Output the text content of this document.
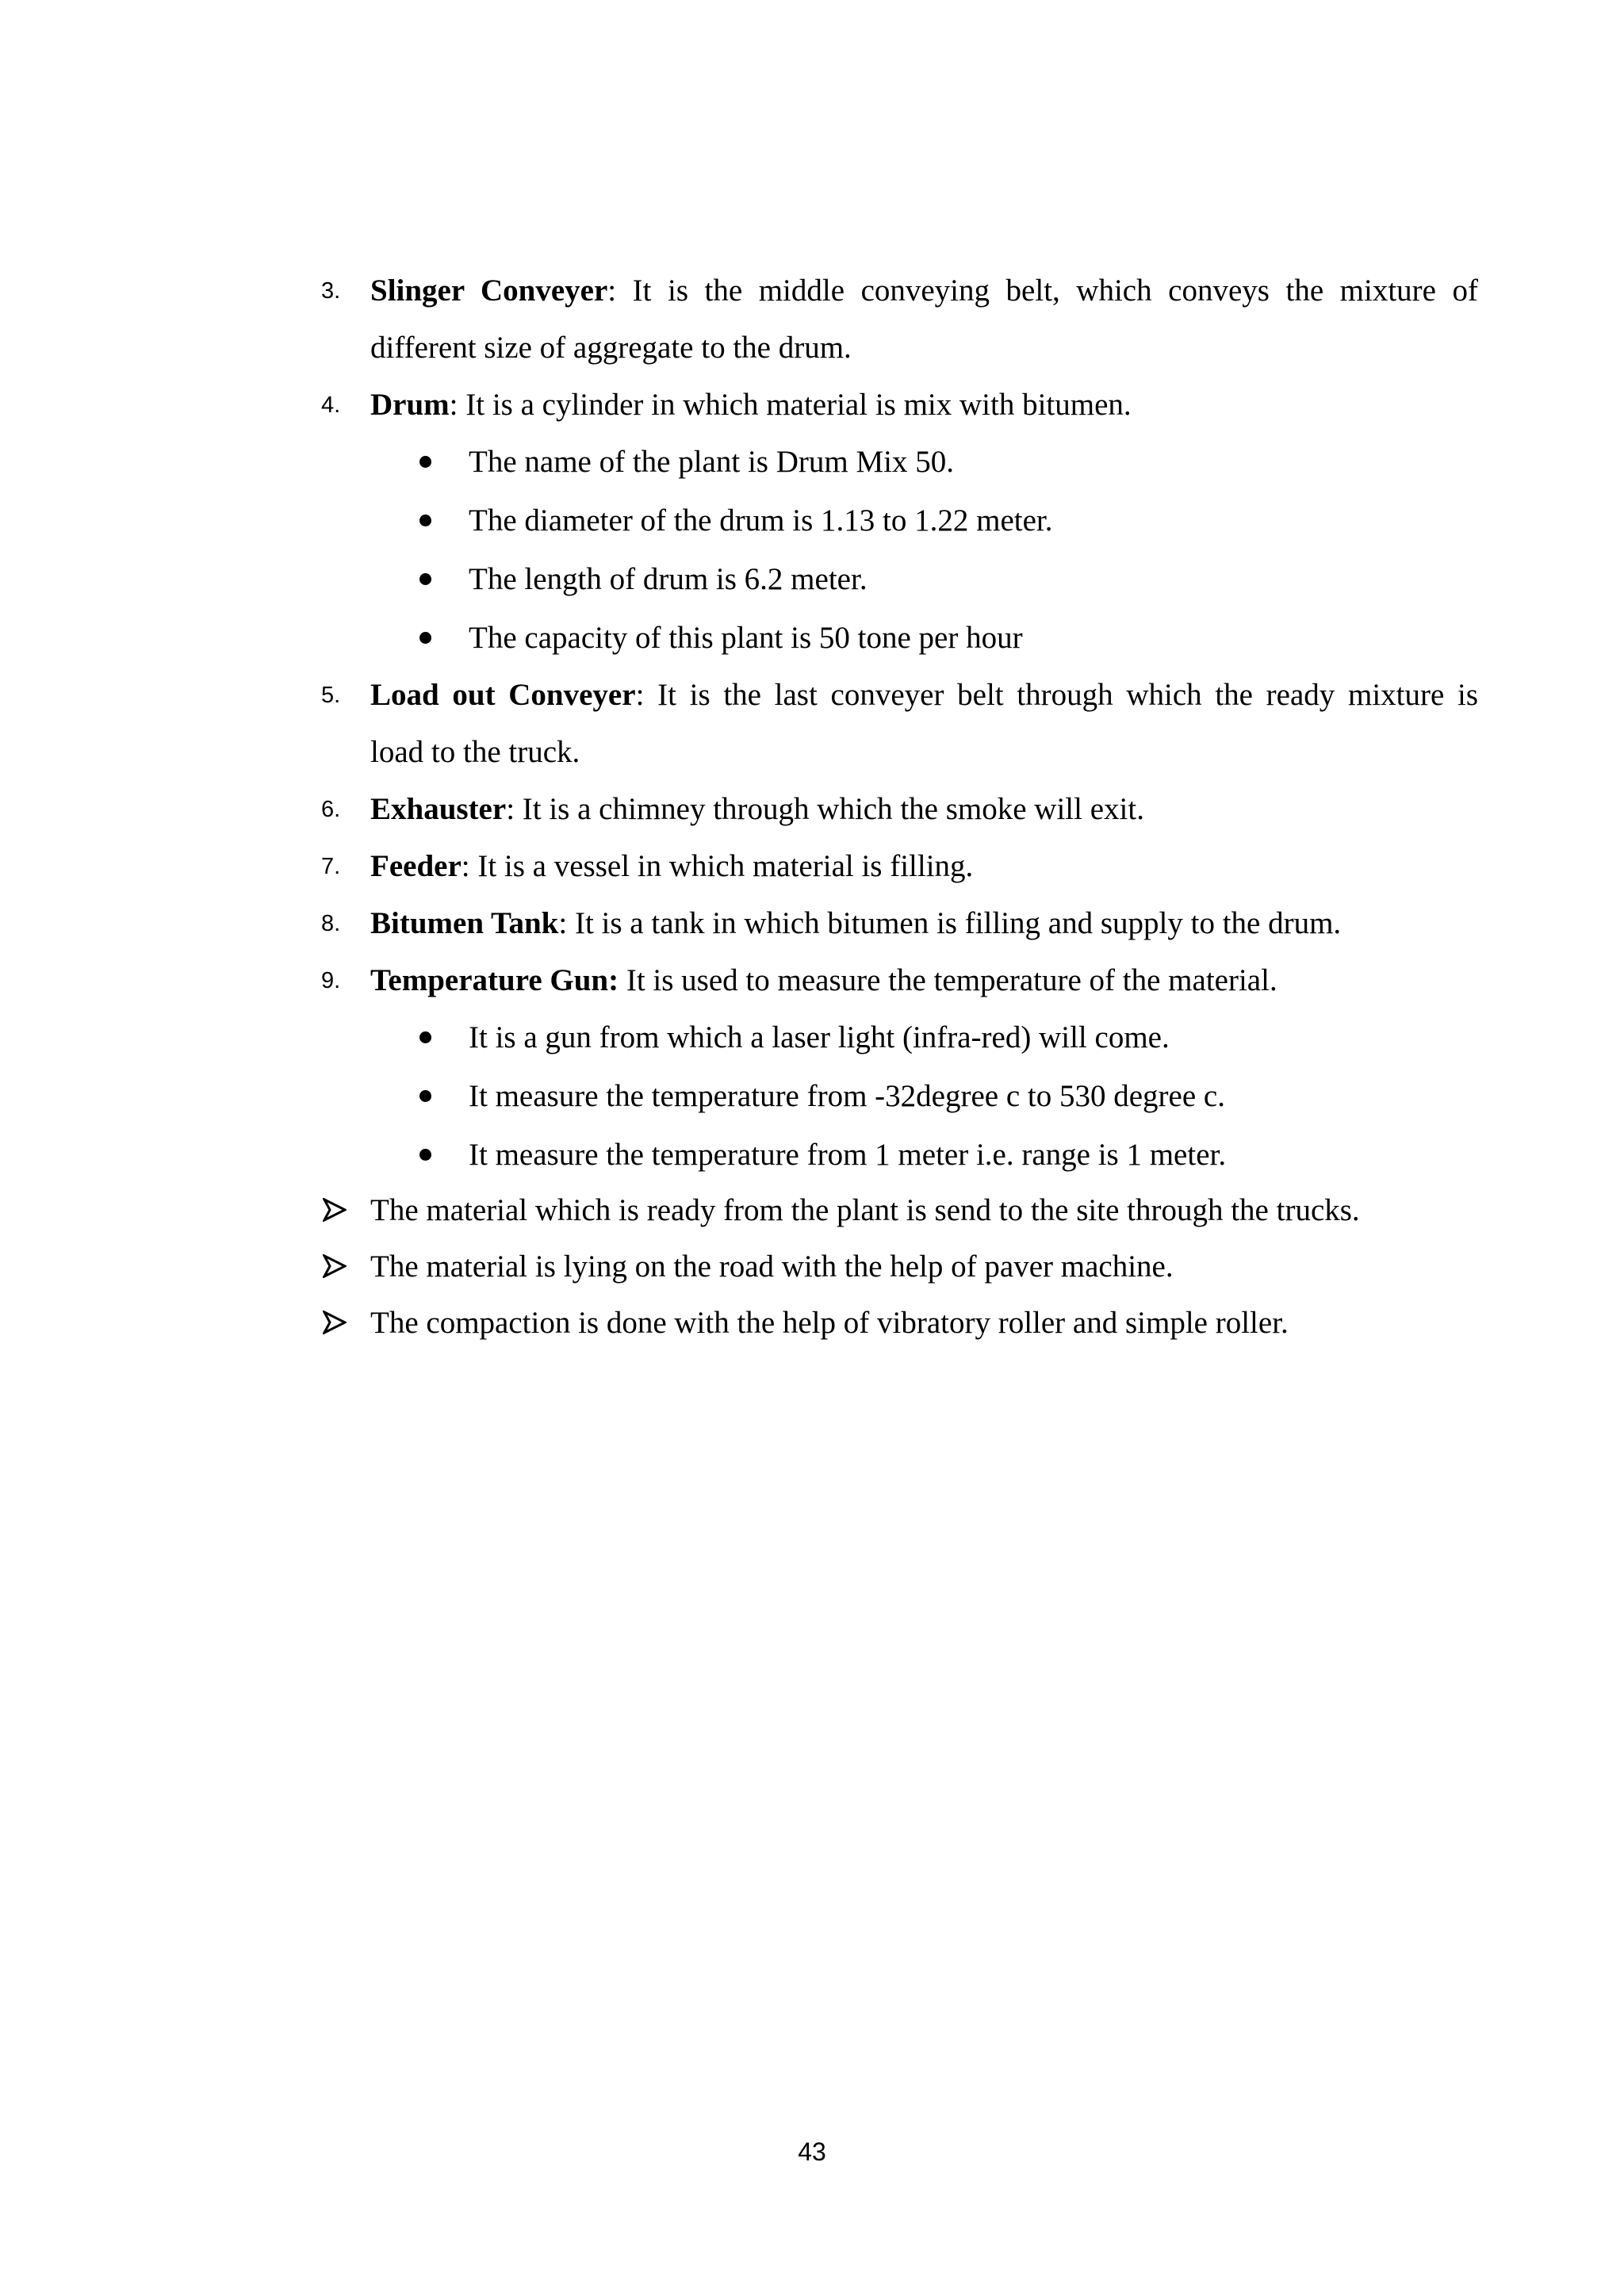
3. Slinger Conveyer: It is the middle conveying belt, which conveys the mixture of
different size of aggregate to the drum.
4. Drum: It is a cylinder in which material is mix with bitumen.
The name of the plant is Drum Mix 50.
The diameter of the drum is 1.13 to 1.22 meter.
The length of drum is 6.2 meter.
The capacity of this plant is 50 tone per hour
5. Load out Conveyer: It is the last conveyer belt through which the ready mixture is
load to the truck.
6. Exhauster: It is a chimney through which the smoke will exit.
7. Feeder: It is a vessel in which material is filling.
8. Bitumen Tank: It is a tank in which bitumen is filling and supply to the drum.
9. Temperature Gun: It is used to measure the temperature of the material.
It is a gun from which a laser light (infra-red) will come.
It measure the temperature from -32degree c to 530 degree c.
It measure the temperature from 1 meter i.e. range is 1 meter.
The material which is ready from the plant is send to the site through the trucks.
The material is lying on the road with the help of paver machine.
The compaction is done with the help of vibratory roller and simple roller.
43
